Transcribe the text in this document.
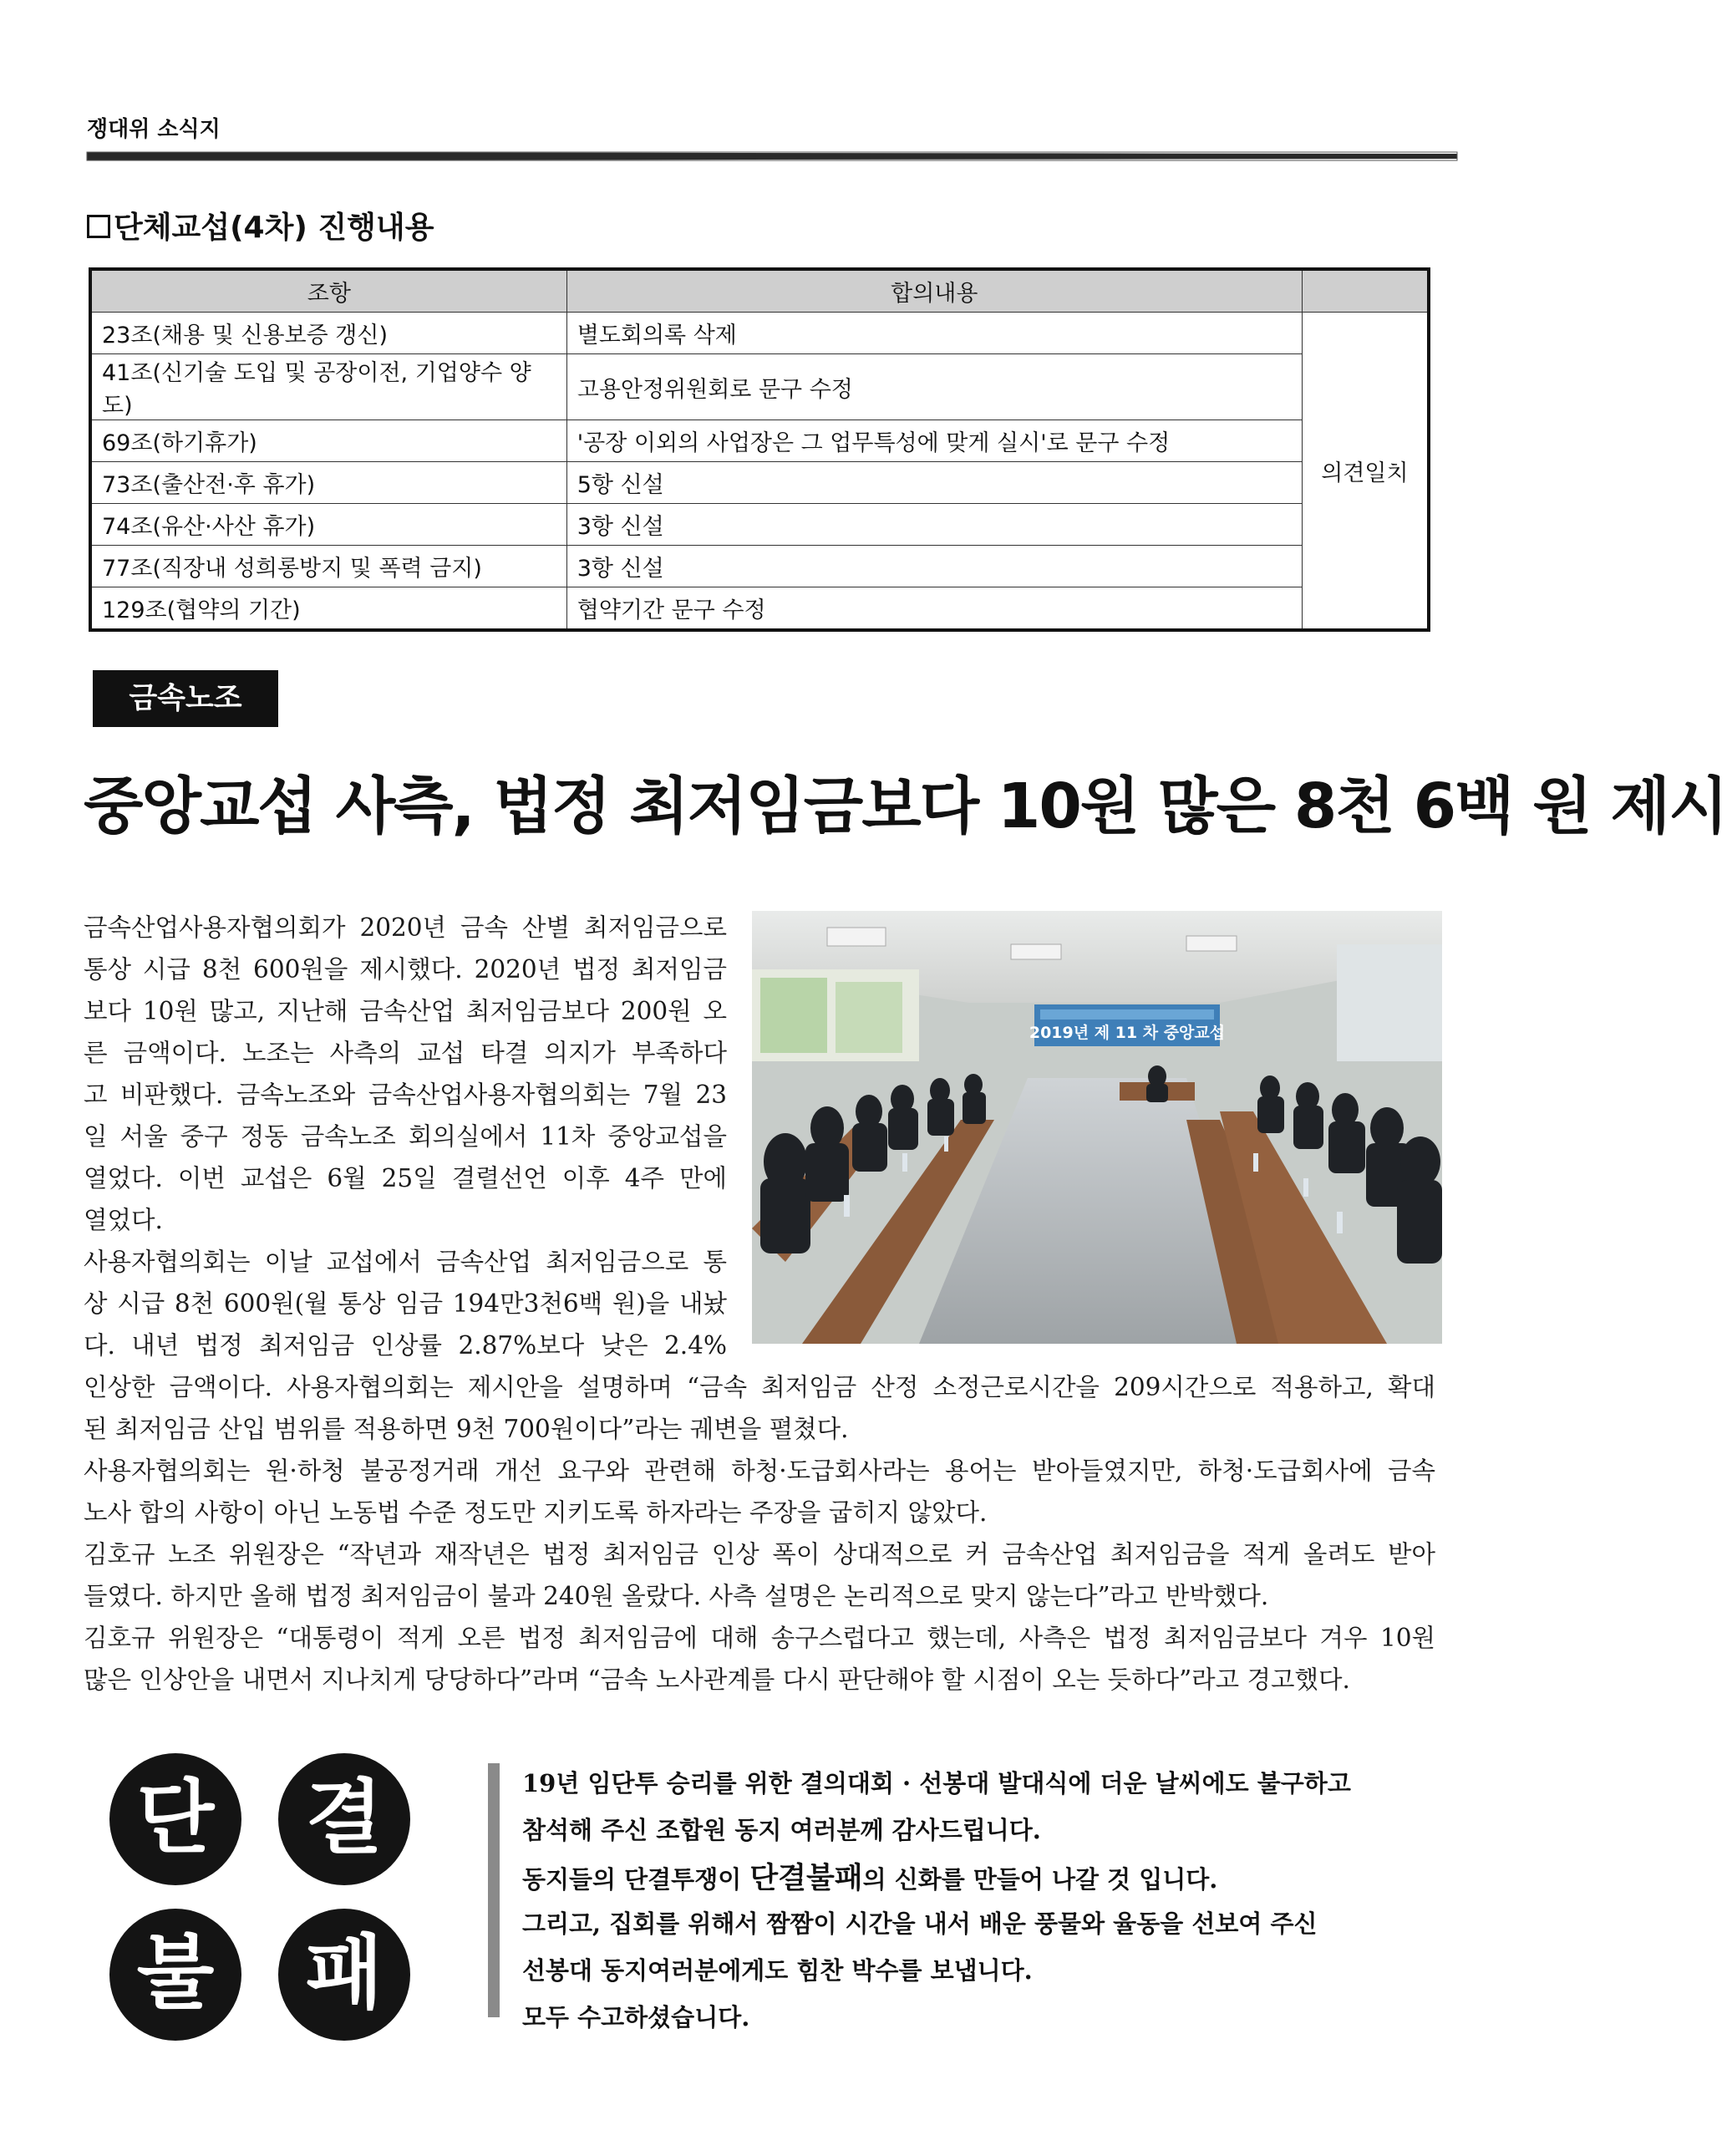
쟁대위 소식지
단체교섭(4차) 진행내용
조항	합의내용	
23조(채용 및 신용보증 갱신)	별도회의록 삭제	의견일치
41조(신기술 도입 및 공장이전, 기업양수 양도)	고용안정위원회로 문구 수정	
69조(하기휴가)	'공장 이외의 사업장은 그 업무특성에 맞게 실시'로 문구 수정	
73조(출산전·후 휴가)	5항 신설	
74조(유산·사산 휴가)	3항 신설	
77조(직장내 성희롱방지 및 폭력 금지)	3항 신설	
129조(협약의 기간)	협약기간 문구 수정	
금속노조
중앙교섭 사측, 법정 최저임금보다 10원 많은 8천 6백 원 제시
2019년 제 11 차 중앙교섭
금속산업사용자협의회가 2020년 금속 산별 최저임금으로
통상 시급 8천 600원을 제시했다. 2020년 법정 최저임금
보다 10원 많고, 지난해 금속산업 최저임금보다 200원 오
른 금액이다. 노조는 사측의 교섭 타결 의지가 부족하다
고 비판했다. 금속노조와 금속산업사용자협의회는 7월 23
일 서울 중구 정동 금속노조 회의실에서 11차 중앙교섭을
열었다. 이번 교섭은 6월 25일 결렬선언 이후 4주 만에
열었다.
사용자협의회는 이날 교섭에서 금속산업 최저임금으로 통
상 시급 8천 600원(월 통상 임금 194만3천6백 원)을 내놨
다. 내년 법정 최저임금 인상률 2.87%보다 낮은 2.4%
인상한 금액이다. 사용자협의회는 제시안을 설명하며 “금속 최저임금 산정 소정근로시간을 209시간으로 적용하고, 확대
된 최저임금 산입 범위를 적용하면 9천 700원이다”라는 궤변을 펼쳤다.
사용자협의회는 원·하청 불공정거래 개선 요구와 관련해 하청·도급회사라는 용어는 받아들였지만, 하청·도급회사에 금속
노사 합의 사항이 아닌 노동법 수준 정도만 지키도록 하자라는 주장을 굽히지 않았다.
김호규 노조 위원장은 “작년과 재작년은 법정 최저임금 인상 폭이 상대적으로 커 금속산업 최저임금을 적게 올려도 받아
들였다. 하지만 올해 법정 최저임금이 불과 240원 올랐다. 사측 설명은 논리적으로 맞지 않는다”라고 반박했다.
김호규 위원장은 “대통령이 적게 오른 법정 최저임금에 대해 송구스럽다고 했는데, 사측은 법정 최저임금보다 겨우 10원
많은 인상안을 내면서 지나치게 당당하다”라며 “금속 노사관계를 다시 판단해야 할 시점이 오는 듯하다”라고 경고했다.
단	결
불	패
19년 임단투 승리를 위한 결의대회 · 선봉대 발대식에 더운 날씨에도 불구하고
참석해 주신 조합원 동지 여러분께 감사드립니다.
동지들의 단결투쟁이 단결불패의 신화를 만들어 나갈 것 입니다.
그리고, 집회를 위해서 짬짬이 시간을 내서 배운 풍물와 율동을 선보여 주신
선봉대 동지여러분에게도 힘찬 박수를 보냅니다.
모두 수고하셨습니다.
